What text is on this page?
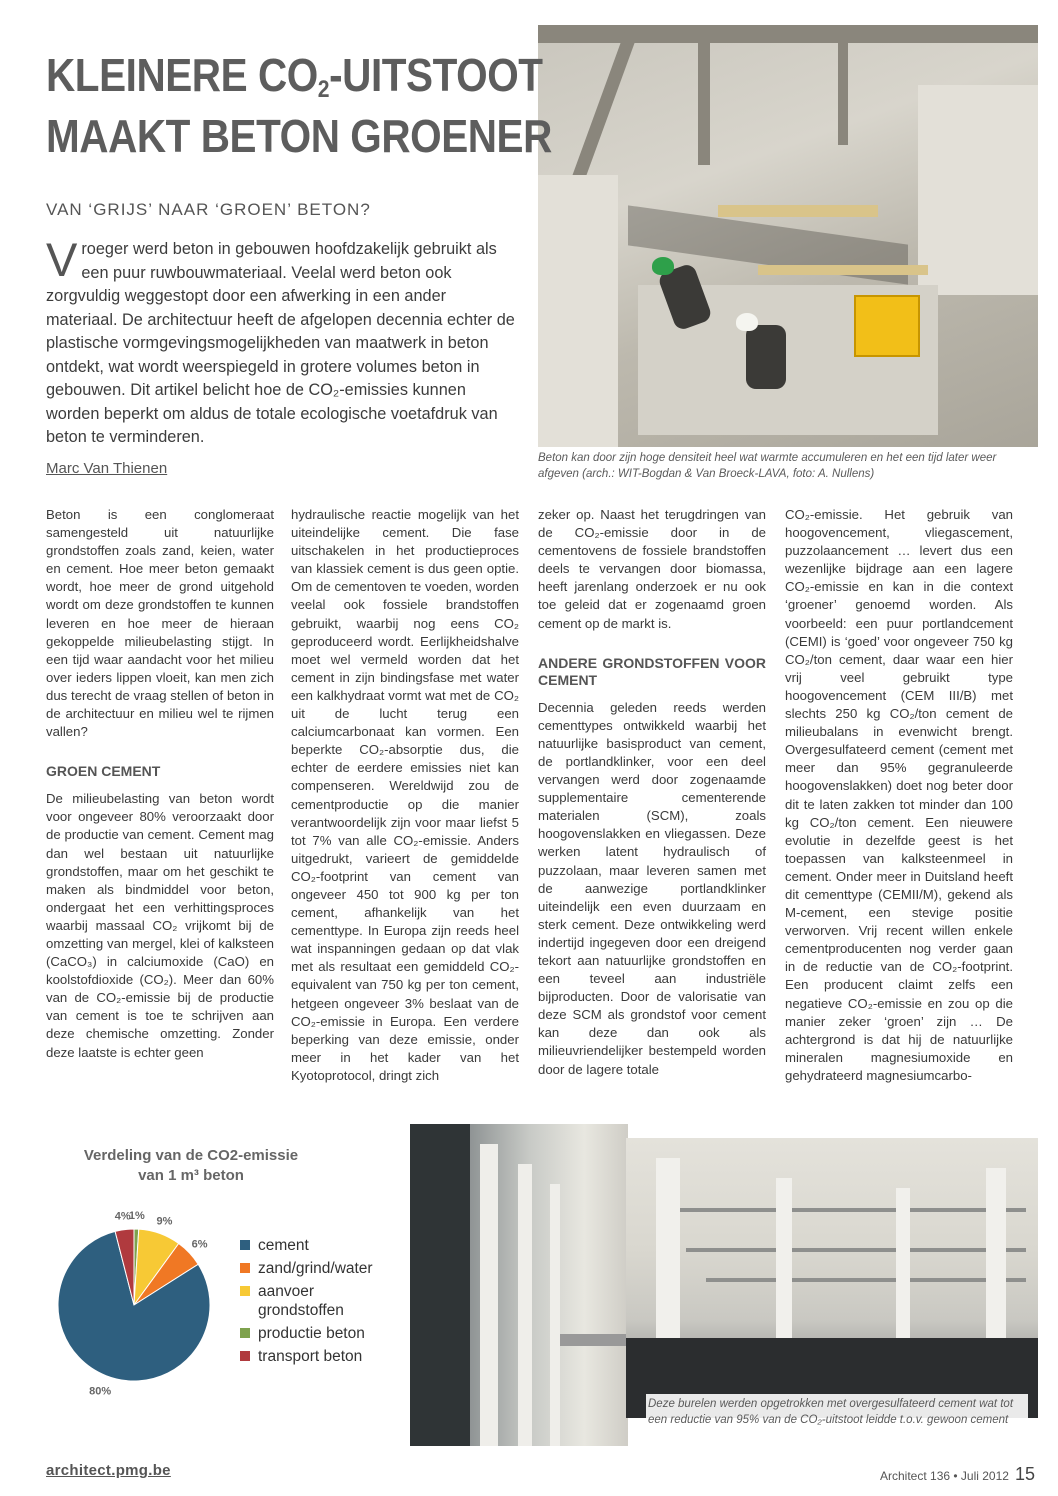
Beton kan door zijn hoge densiteit heel wat warmte accumuleren en het een tijd later weer afgeven (arch.: WIT-Bogdan & Van Broeck-LAVA, foto: A. Nullens)
KLEINERE $CO_2$-UITSTOOT
MAAKT BETON GROENER
VAN ‘GRIJS’ NAAR ‘GROEN’ BETON?

Vroeger werd beton in gebouwen hoofdzakelijk gebruikt als een puur ruwbouwmateriaal. Veelal werd beton ook zorgvuldig weggestopt door een afwerking in een ander materiaal. De architectuur heeft de afgelopen decennia echter de plastische vormgevingsmogelijkheden van maatwerk in beton ontdekt, wat wordt weerspiegeld in grotere volumes beton in gebouwen. Dit artikel belicht hoe de CO₂-emissies kunnen worden beperkt om aldus de totale ecologische voetafdruk van beton te verminderen.

Marc Van Thienen

Beton is een conglomeraat samengesteld uit natuurlijke grondstoffen zoals zand, keien, water en cement. Hoe meer beton gemaakt wordt, hoe meer de grond uitgehold wordt om deze grondstoffen te kunnen leveren en hoe meer de hieraan gekoppelde milieubelasting stijgt. In een tijd waar aandacht voor het milieu over ieders lippen vloeit, kan men zich dus terecht de vraag stellen of beton in de architectuur en milieu wel te rijmen vallen?

GROEN CEMENT

De milieubelasting van beton wordt voor ongeveer 80% veroorzaakt door de productie van cement. Cement mag dan wel bestaan uit natuurlijke grondstoffen, maar om het geschikt te maken als bindmiddel voor beton, ondergaat het een verhittingsproces waarbij massaal CO₂ vrijkomt bij de omzetting van mergel, klei of kalksteen (CaCO₃) in calciumoxide (CaO) en koolstofdioxide (CO₂). Meer dan 60% van de CO₂-emissie bij de productie van cement is toe te schrijven aan deze chemische omzetting. Zonder deze laatste is echter geen

hydraulische reactie mogelijk van het uiteindelijke cement. Die fase uitschakelen in het productieproces van klassiek cement is dus geen optie. Om de cementoven te voeden, worden veelal ook fossiele brandstoffen gebruikt, waarbij nog eens CO₂ geproduceerd wordt. Eerlijkheidshalve moet wel vermeld worden dat het cement in zijn bindingsfase met water een kalkhydraat vormt wat met de CO₂ uit de lucht terug een calciumcarbonaat kan vormen. Een beperkte CO₂-absorptie dus, die echter de eerdere emissies niet kan compenseren. Wereldwijd zou de cementproductie op die manier verantwoordelijk zijn voor maar liefst 5 tot 7% van alle CO₂-emissie. Anders uitgedrukt, varieert de gemiddelde CO₂-footprint van cement van ongeveer 450 tot 900 kg per ton cement, afhankelijk van het cementtype. In Europa zijn reeds heel wat inspanningen gedaan op dat vlak met als resultaat een gemiddeld CO₂-equivalent van 750 kg per ton cement, hetgeen ongeveer 3% beslaat van de CO₂-emissie in Europa. Een verdere beperking van deze emissie, onder meer in het kader van het Kyotoprotocol, dringt zich

zeker op. Naast het terugdringen van de CO₂-emissie door in de cementovens de fossiele brandstoffen deels te vervangen door biomassa, heeft jarenlang onderzoek er nu ook toe geleid dat er zogenaamd groen cement op de markt is.

ANDERE GRONDSTOFFEN VOOR CEMENT

Decennia geleden reeds werden cementtypes ontwikkeld waarbij het natuurlijke basisproduct van cement, de portlandklinker, voor een deel vervangen werd door zogenaamde supplementaire cementerende materialen (SCM), zoals hoogovenslakken en vliegassen. Deze werken latent hydraulisch of puzzolaan, maar leveren samen met de aanwezige portlandklinker uiteindelijk een even duurzaam en sterk cement. Deze ontwikkeling werd indertijd ingegeven door een dreigend tekort aan natuurlijke grondstoffen en een teveel aan industriële bijproducten. Door de valorisatie van deze SCM als grondstof voor cement kan deze dan ook als milieuvriendelijker bestempeld worden door de lagere totale

CO₂-emissie. Het gebruik van hoogovencement, vliegascement, puzzolaancement … levert dus een wezenlijke bijdrage aan een lagere CO₂-emissie en kan in die context ‘groener’ genoemd worden. Als voorbeeld: een puur portlandcement (CEMI) is ‘goed’ voor ongeveer 750 kg CO₂/ton cement, daar waar een hier vrij veel gebruikt type hoogovencement (CEM III/B) met slechts 250 kg CO₂/ton cement de milieubalans in evenwicht brengt. Overgesulfateerd cement (cement met meer dan 95% gegranuleerde hoogovenslakken) doet nog beter door dit te laten zakken tot minder dan 100 kg CO₂/ton cement. Een nieuwere evolutie in dezelfde geest is het toepassen van kalksteenmeel in cement. Onder meer in Duitsland heeft dit cementtype (CEMII/M), gekend als M-cement, een stevige positie verworven. Vrij recent willen enkele cementproducenten nog verder gaan in de reductie van de CO₂-footprint. Een producent claimt zelfs een negatieve CO₂-emissie en zou op die manier zeker ‘groen’ zijn … De achtergrond is dat hij de natuurlijke mineralen magnesiumoxide en gehydrateerd magnesiumcarbo-

Verdeling van de CO2-emissie
van 1 m³ beton
1% 9%
6%
80%
4%
cement
zand/grind/water
aanvoer grondstoffen
productie beton
transport beton
Deze burelen werden opgetrokken met overgesulfateerd cement wat tot een reductie van 95% van de CO₂-uitstoot leidde t.o.v. gewoon cement
architect.pmg.be	Architect 136 • Juli 2012 15
